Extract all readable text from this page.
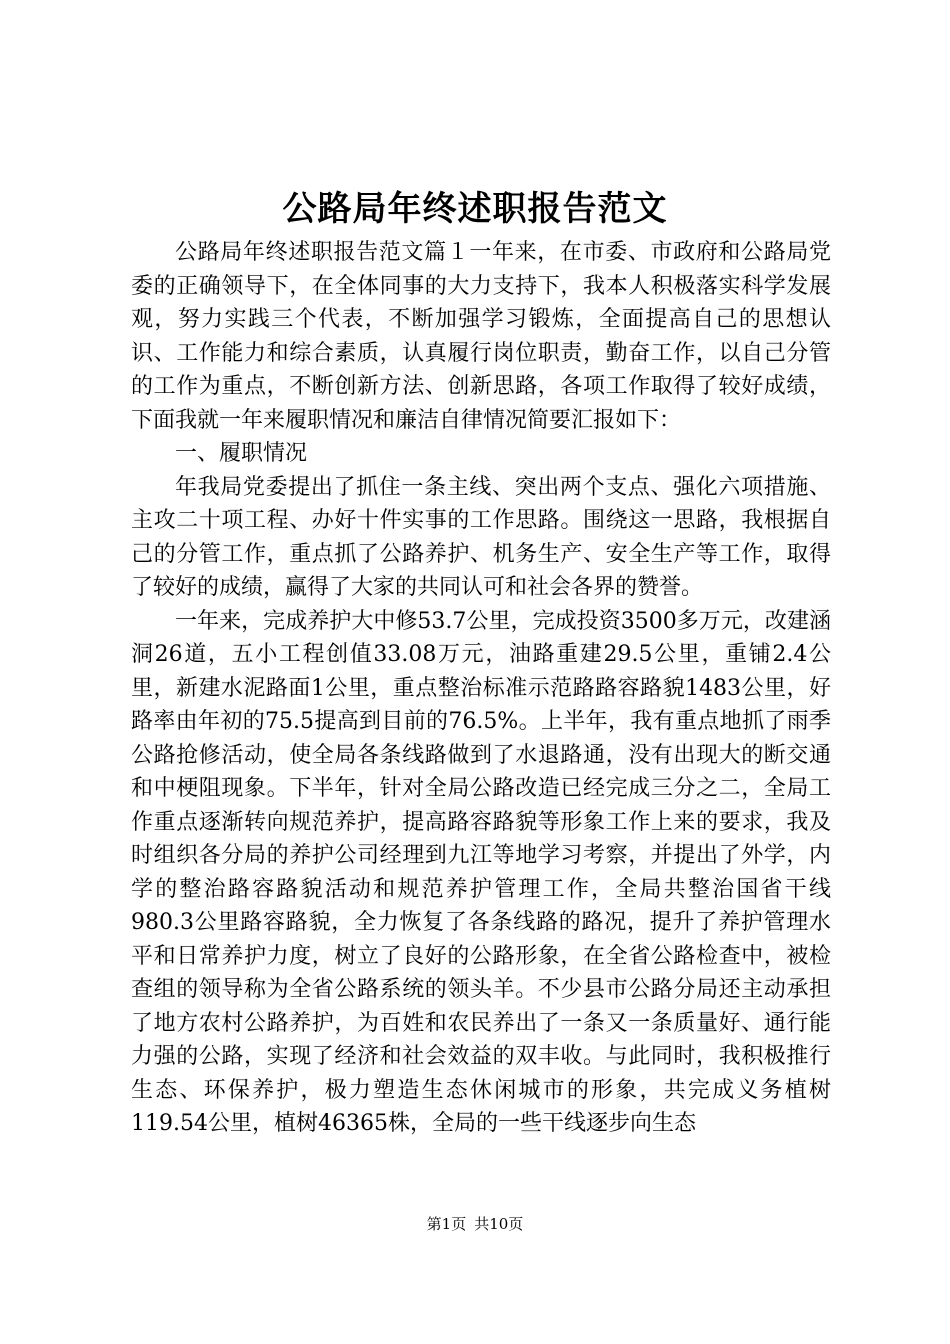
公路局年终述职报告范文

公路局年终述职报告范文篇１一年来，在市委、市政府和公路局党委的正确领导下，在全体同事的大力支持下，我本人积极落实科学发展观，努力实践三个代表，不断加强学习锻炼，全面提高自己的思想认识、工作能力和综合素质，认真履行岗位职责，勤奋工作，以自己分管的工作为重点，不断创新方法、创新思路，各项工作取得了较好成绩，下面我就一年来履职情况和廉洁自律情况简要汇报如下：

一、履职情况

年我局党委提出了抓住一条主线、突出两个支点、强化六项措施、主攻二十项工程、办好十件实事的工作思路。围绕这一思路，我根据自己的分管工作，重点抓了公路养护、机务生产、安全生产等工作，取得了较好的成绩，赢得了大家的共同认可和社会各界的赞誉。

一年来，完成养护大中修53.7公里，完成投资3500多万元，改建涵洞26道，五小工程创值33.08万元，油路重建29.5公里，重铺2.4公里，新建水泥路面1公里，重点整治标准示范路路容路貌1483公里，好路率由年初的75.5提高到目前的76.5%。上半年，我有重点地抓了雨季公路抢修活动，使全局各条线路做到了水退路通，没有出现大的断交通和中梗阻现象。下半年，针对全局公路改造已经完成三分之二，全局工作重点逐渐转向规范养护，提高路容路貌等形象工作上来的要求，我及时组织各分局的养护公司经理到九江等地学习考察，并提出了外学，内学的整治路容路貌活动和规范养护管理工作，全局共整治国省干线980.3公里路容路貌，全力恢复了各条线路的路况，提升了养护管理水平和日常养护力度，树立了良好的公路形象，在全省公路检查中，被检查组的领导称为全省公路系统的领头羊。不少县市公路分局还主动承担了地方农村公路养护，为百姓和农民养出了一条又一条质量好、通行能力强的公路，实现了经济和社会效益的双丰收。与此同时，我积极推行生态、环保养护，极力塑造生态休闲城市的形象，共完成义务植树119.54公里，植树46365株，全局的一些干线逐步向生态

第1页 共10页
